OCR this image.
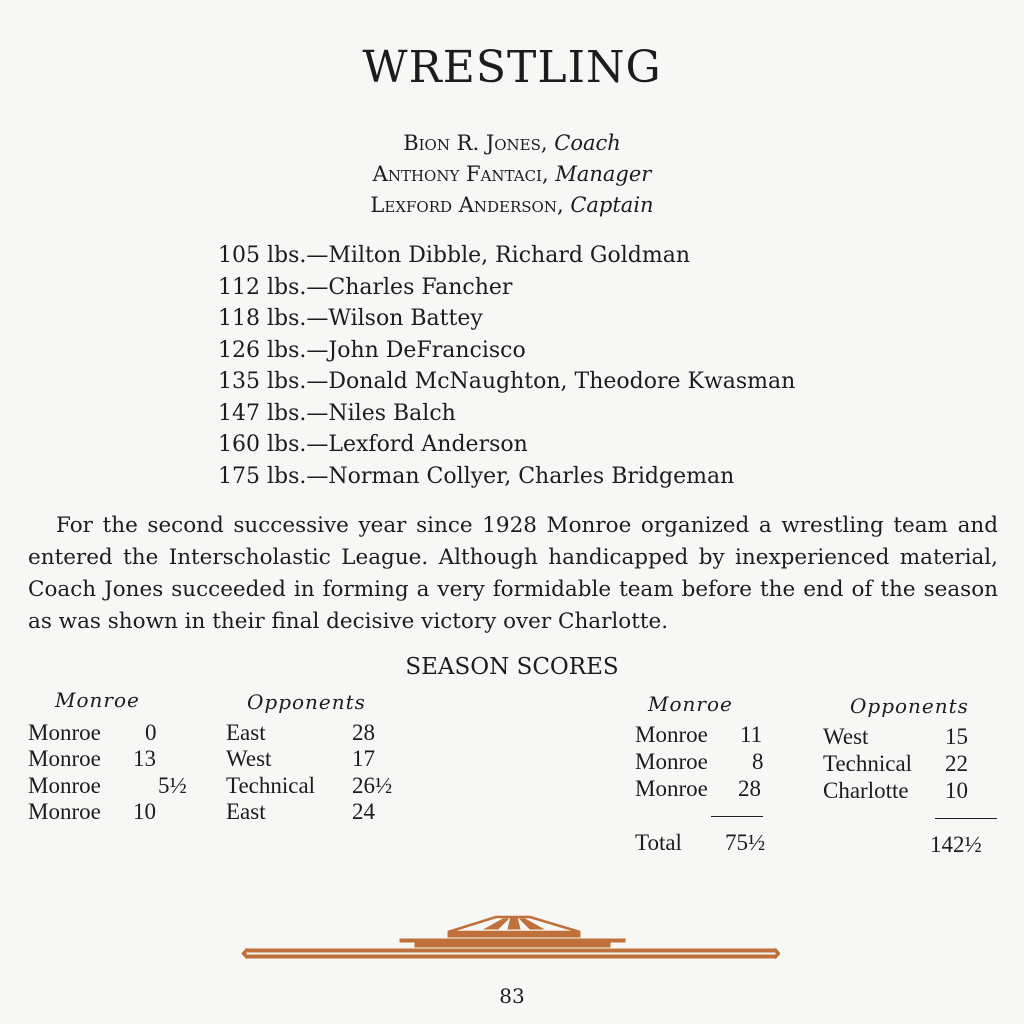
WRESTLING
Bion R. Jones, Coach
Anthony Fantaci, Manager
Lexford Anderson, Captain
105 lbs.—Milton Dibble, Richard Goldman
112 lbs.—Charles Fancher
118 lbs.—Wilson Battey
126 lbs.—John DeFrancisco
135 lbs.—Donald McNaughton, Theodore Kwasman
147 lbs.—Niles Balch
160 lbs.—Lexford Anderson
175 lbs.—Norman Collyer, Charles Bridgeman
For the second successive year since 1928 Monroe organized a wrestling team and entered the Interscholastic League. Although handicapped by inexperienced material, Coach Jones succeeded in forming a very formidable team before the end of the season as was shown in their final decisive victory over Charlotte.
SEASON SCORES
Monroe	Opponents
Monroe 0	East	28
Monroe 13	West	17
Monroe 5½ Technical 26½
Monroe 10	East	24
Monroe	Opponents
Monroe 11	West	15
Monroe 8	Technical 22
Monroe 28	Charlotte 10
Total 75½	142½
83
